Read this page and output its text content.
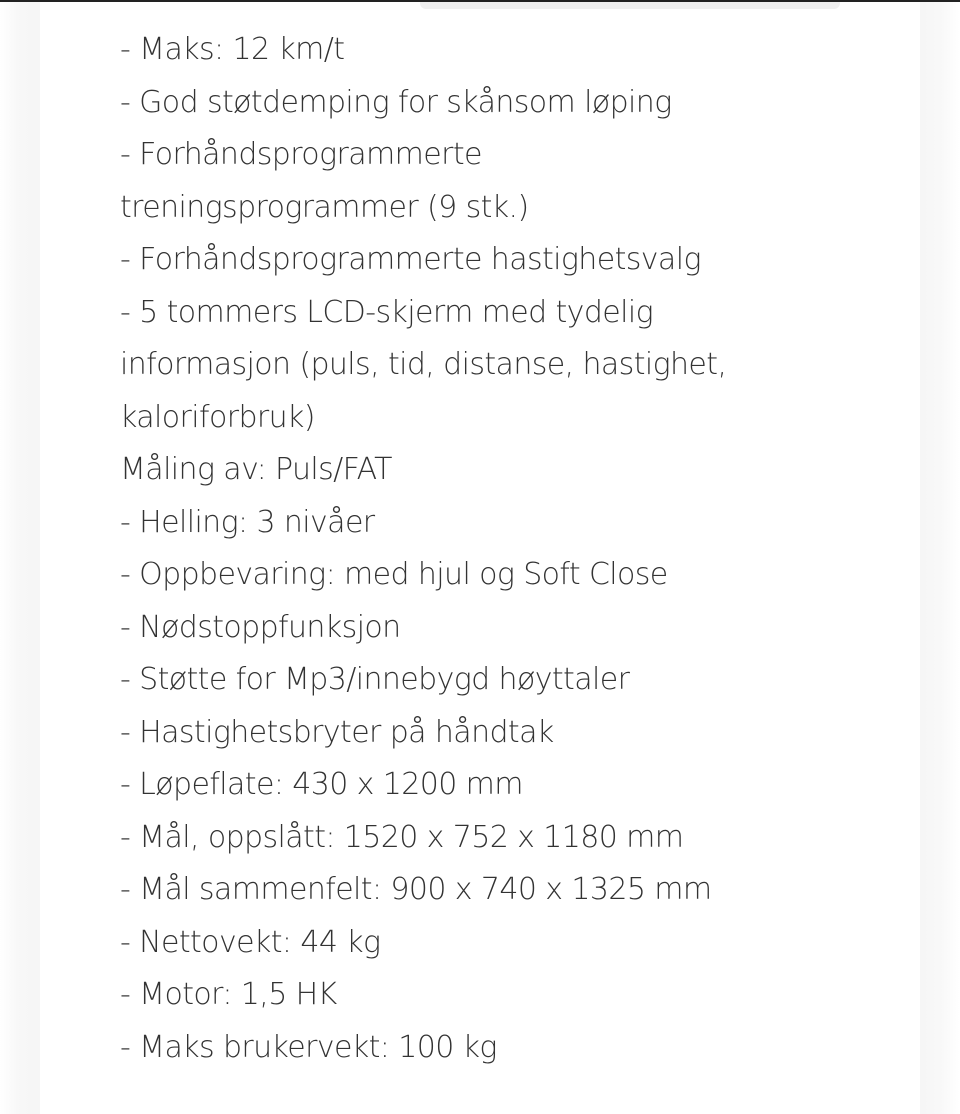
- Maks: 12 km/t
- God støtdemping for skånsom løping
- Forhåndsprogrammerte
treningsprogrammer (9 stk.)
- Forhåndsprogrammerte hastighetsvalg
- 5 tommers LCD-skjerm med tydelig
informasjon (puls, tid, distanse, hastighet,
kaloriforbruk)
Måling av: Puls/FAT
- Helling: 3 nivåer
- Oppbevaring: med hjul og Soft Close
- Nødstoppfunksjon
- Støtte for Mp3/innebygd høyttaler
- Hastighetsbryter på håndtak
- Løpeflate: 430 x 1200 mm
- Mål, oppslått: 1520 x 752 x 1180 mm
- Mål sammenfelt: 900 x 740 x 1325 mm
- Nettovekt: 44 kg
- Motor: 1,5 HK
- Maks brukervekt: 100 kg
